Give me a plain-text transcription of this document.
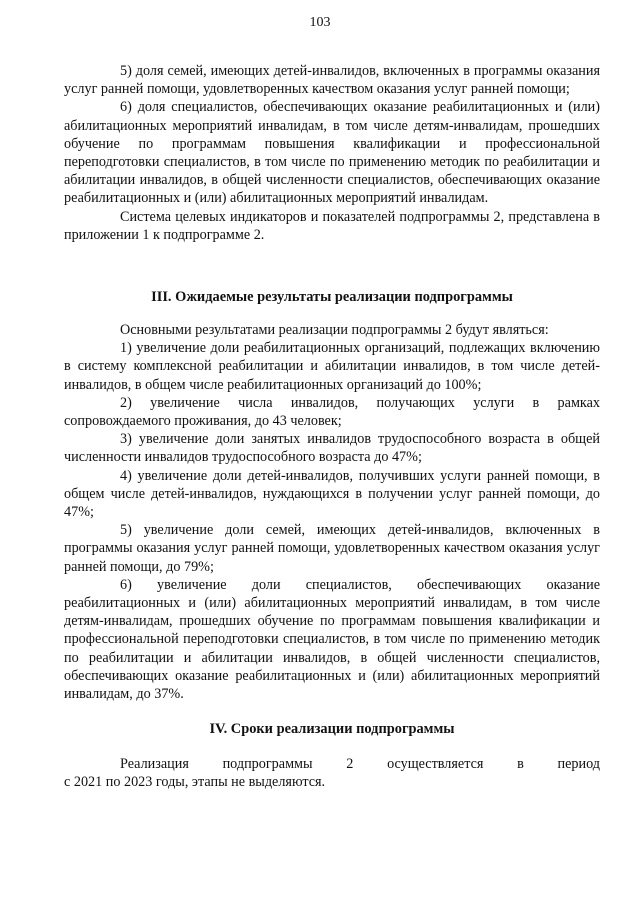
103

5) доля семей, имеющих детей-инвалидов, включенных в программы оказания услуг ранней помощи, удовлетворенных качеством оказания услуг ранней помощи;

6) доля специалистов, обеспечивающих оказание реабилитационных и (или) абилитационных мероприятий инвалидам, в том числе детям-инвалидам, прошедших обучение по программам повышения квалификации и профессиональной переподготовки специалистов, в том числе по применению методик по реабилитации и абилитации инвалидов, в общей численности специалистов, обеспечивающих оказание реабилитационных и (или) абилитационных мероприятий инвалидам.

Система целевых индикаторов и показателей подпрограммы 2, представлена в приложении 1 к подпрограмме 2.

III. Ожидаемые результаты реализации подпрограммы

Основными результатами реализации подпрограммы 2 будут являться:

1) увеличение доли реабилитационных организаций, подлежащих включению в систему комплексной реабилитации и абилитации инвалидов, в том числе детей-инвалидов, в общем числе реабилитационных организаций до 100%;

2) увеличение числа инвалидов, получающих услуги в рамках сопровождаемого проживания, до 43 человек;

3) увеличение доли занятых инвалидов трудоспособного возраста в общей численности инвалидов трудоспособного возраста до 47%;

4) увеличение доли детей-инвалидов, получивших услуги ранней помощи, в общем числе детей-инвалидов, нуждающихся в получении услуг ранней помощи, до 47%;

5) увеличение доли семей, имеющих детей-инвалидов, включенных в программы оказания услуг ранней помощи, удовлетворенных качеством оказания услуг ранней помощи, до 79%;

6) увеличение доли специалистов, обеспечивающих оказание реабилитационных и (или) абилитационных мероприятий инвалидам, в том числе детям-инвалидам, прошедших обучение по программам повышения квалификации и профессиональной переподготовки специалистов, в том числе по применению методик по реабилитации и абилитации инвалидов, в общей численности специалистов, обеспечивающих оказание реабилитационных и (или) абилитационных мероприятий инвалидам, до 37%.

IV. Сроки реализации подпрограммы

Реализация подпрограммы 2 осуществляется в период

с 2021 по 2023 годы, этапы не выделяются.
